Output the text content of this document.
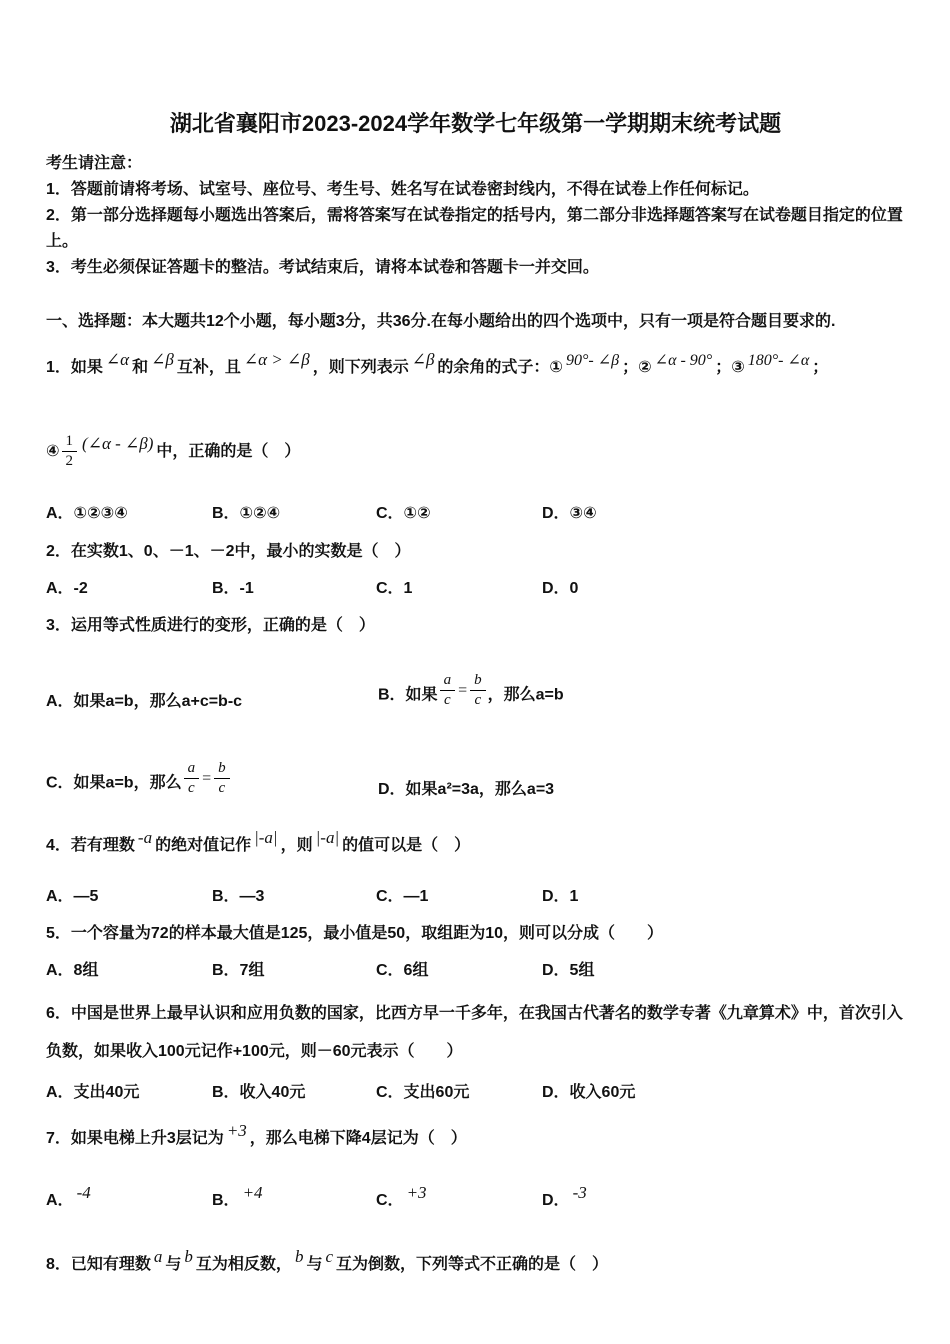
湖北省襄阳市2023-2024学年数学七年级第一学期期末统考试题

考生请注意：

1．答题前请将考场、试室号、座位号、考生号、姓名写在试卷密封线内，不得在试卷上作任何标记。

2．第一部分选择题每小题选出答案后，需将答案写在试卷指定的括号内，第二部分非选择题答案写在试卷题目指定的位置上。

3．考生必须保证答题卡的整洁。考试结束后，请将本试卷和答题卡一并交回。

一、选择题：本大题共12个小题，每小题3分，共36分.在每小题给出的四个选项中，只有一项是符合题目要求的.

1．如果 ∠α 和 ∠β 互补，且 ∠α > ∠β ，则下列表示 ∠β 的余角的式子：① 90°- ∠β ；② ∠α - 90° ；③ 180°- ∠α ；

④ $\frac{1}{2}$ (∠α - ∠β) 中，正确的是（　）

A．①②③④	B．①②④	C．①②	D．③④

2．在实数1、0、－1、－2中，最小的实数是（　）

A．-2	B．-1	C．1	D．0

3．运用等式性质进行的变形，正确的是（　）

A．如果a=b，那么a+c=b-c	B．如果 $\frac{a}{c} = \frac{b}{c}$ ，那么a=b
C．如果a=b，那么 $\frac{a}{c} = \frac{b}{c}$	D．如果a²=3a，那么a=3

4．若有理数 -a 的绝对值记作 |-a| ，则 |-a| 的值可以是（　）

A．—5	B．—3	C．—1	D．1

5．一个容量为72的样本最大值是125，最小值是50，取组距为10，则可以分成（　　）

A．8组	B．7组	C．6组	D．5组

6．中国是世界上最早认识和应用负数的国家，比西方早一千多年，在我国古代著名的数学专著《九章算术》中，首次引入负数，如果收入100元记作+100元，则－60元表示（　　）

A．支出40元	B．收入40元	C．支出60元	D．收入60元

7．如果电梯上升3层记为 +3 ，那么电梯下降4层记为（　）

A． -4	B． +4	C． +3	D． -3

8．已知有理数 a 与 b 互为相反数， b 与 c 互为倒数，下列等式不正确的是（　）
